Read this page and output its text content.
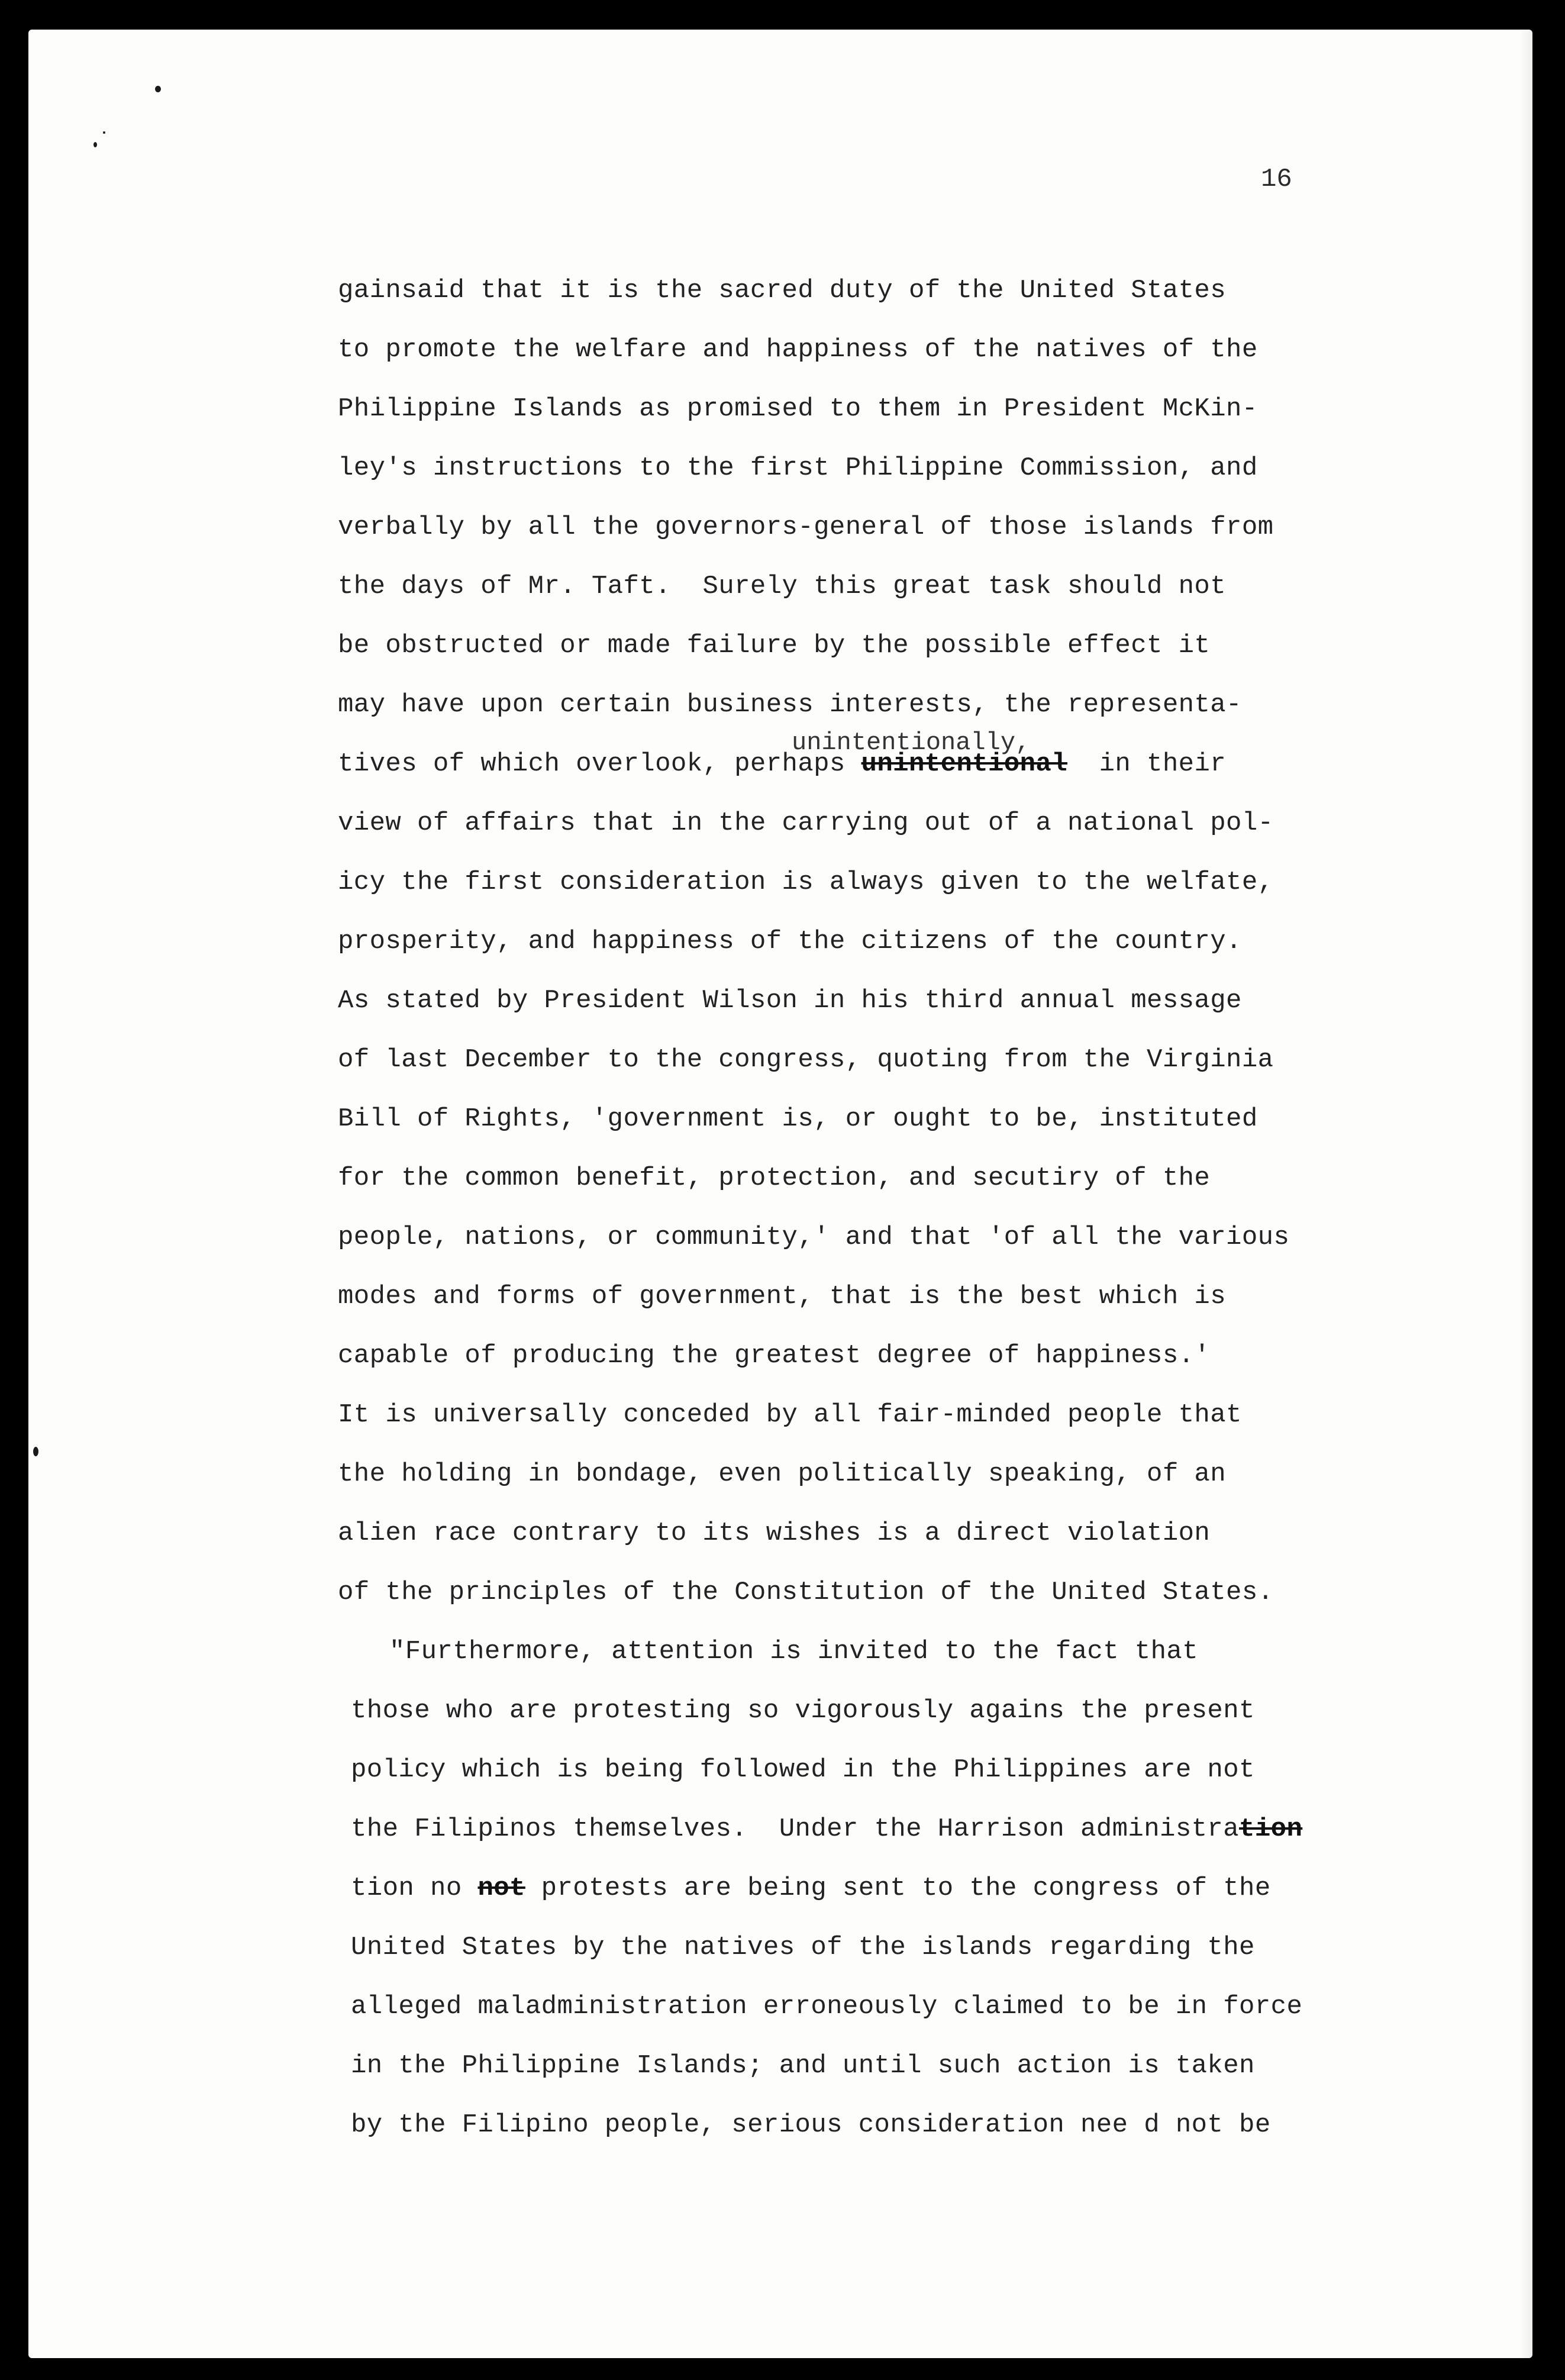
16

unintentionally,

gainsaid that it is the sacred duty of the United States

to promote the welfare and happiness of the natives of the

Philippine Islands as promised to them in President McKin-

ley's instructions to the first Philippine Commission, and

verbally by all the governors-general of those islands from

the days of Mr. Taft.  Surely this great task should not

be obstructed or made failure by the possible effect it

may have upon certain business interests, the representa-

tives of which overlook, perhaps unintentional  in their

view of affairs that in the carrying out of a national pol-

icy the first consideration is always given to the welfate,

prosperity, and happiness of the citizens of the country.

As stated by President Wilson in his third annual message

of last December to the congress, quoting from the Virginia

Bill of Rights, 'government is, or ought to be, instituted

for the common benefit, protection, and secutiry of the

people, nations, or community,' and that 'of all the various

modes and forms of government, that is the best which is

capable of producing the greatest degree of happiness.'

It is universally conceded by all fair-minded people that

the holding in bondage, even politically speaking, of an

alien race contrary to its wishes is a direct violation

of the principles of the Constitution of the United States.

"Furthermore, attention is invited to the fact that

those who are protesting so vigorously agains the present

policy which is being followed in the Philippines are not

the Filipinos themselves.  Under the Harrison administration

tion no not protests are being sent to the congress of the

United States by the natives of the islands regarding the

alleged maladministration erroneously claimed to be in force

in the Philippine Islands; and until such action is taken

by the Filipino people, serious consideration nee d not be
